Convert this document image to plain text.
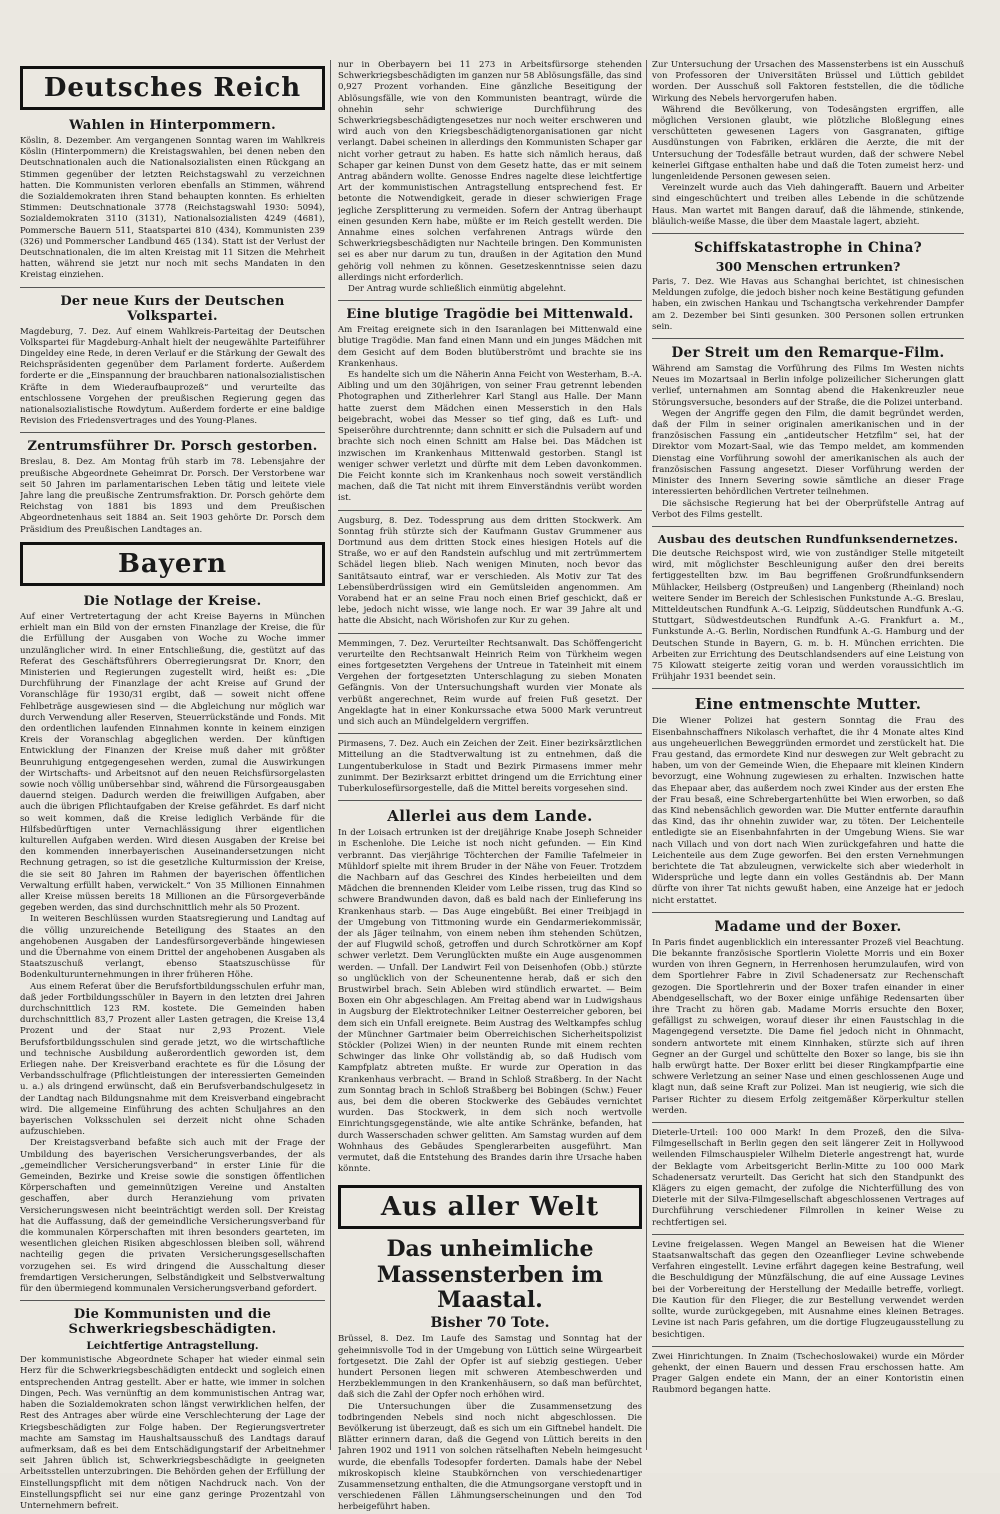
Deutsches Reich
Wahlen in Hinterpommern.

Köslin, 8. Dezember. Am vergangenen Sonntag waren im Wahlkreis Köslin (Hinterpommern) die Kreistagswahlen, bei denen neben den Deutschnationalen auch die Nationalsozialisten einen Rückgang an Stimmen gegenüber der letzten Reichstagswahl zu verzeichnen hatten. Die Kommunisten verloren ebenfalls an Stimmen, während die Sozialdemokraten ihren Stand behaupten konnten. Es erhielten Stimmen: Deutschnationale 3778 (Reichstagswahl 1930: 5094), Sozialdemokraten 3110 (3131), Nationalsozialisten 4249 (4681), Pommersche Bauern 511, Staatspartei 810 (434), Kommunisten 239 (326) und Pommerscher Landbund 465 (134). Statt ist der Verlust der Deutschnationalen, die im alten Kreistag mit 11 Sitzen die Mehrheit hatten, während sie jetzt nur noch mit sechs Mandaten in den Kreistag einziehen.

Der neue Kurs der Deutschen Volkspartei.

Magdeburg, 7. Dez. Auf einem Wahlkreis-Parteitag der Deutschen Volkspartei für Magdeburg-Anhalt hielt der neugewählte Parteiführer Dingeldey eine Rede, in deren Verlauf er die Stärkung der Gewalt des Reichspräsidenten gegenüber dem Parlament forderte. Außerdem forderte er die „Einspannung der brauchbaren nationalsozialistischen Kräfte in dem Wiederaufbauprozeß“ und verurteilte das entschlossene Vorgehen der preußischen Regierung gegen das nationalsozialistische Rowdytum. Außerdem forderte er eine baldige Revision des Friedensvertrages und des Young-Planes.

Zentrumsführer Dr. Porsch gestorben.

Breslau, 8. Dez. Am Montag früh starb im 78. Lebensjahre der preußische Abgeordnete Geheimrat Dr. Porsch. Der Verstorbene war seit 50 Jahren im parlamentarischen Leben tätig und leitete viele Jahre lang die preußische Zentrumsfraktion. Dr. Porsch gehörte dem Reichstag von 1881 bis 1893 und dem Preußischen Abgeordnetenhaus seit 1884 an. Seit 1903 gehörte Dr. Porsch dem Präsidium des Preußischen Landtages an.

Bayern
Die Notlage der Kreise.

Auf einer Vertretertagung der acht Kreise Bayerns in München erhielt man ein Bild von der ernsten Finanzlage der Kreise, die für die Erfüllung der Ausgaben von Woche zu Woche immer unzulänglicher wird. In einer Entschließung, die, gestützt auf das Referat des Geschäftsführers Oberregierungsrat Dr. Knorr, den Ministerien und Regierungen zugestellt wird, heißt es: „Die Durchführung der Finanzlage der acht Kreise auf Grund der Voranschläge für 1930/31 ergibt, daß — soweit nicht offene Fehlbeträge ausgewiesen sind — die Abgleichung nur möglich war durch Verwendung aller Reserven, Steuerrückstände und Fonds. Mit den ordentlichen laufenden Einnahmen konnte in keinem einzigen Kreis der Voranschlag abgeglichen werden. Der künftigen Entwicklung der Finanzen der Kreise muß daher mit größter Beunruhigung entgegengesehen werden, zumal die Auswirkungen der Wirtschafts- und Arbeitsnot auf den neuen Reichsfürsorgelasten sowie noch völlig unübersehbar sind, während die Fürsorgeausgaben dauernd steigen. Dadurch werden die freiwilligen Aufgaben, aber auch die übrigen Pflichtaufgaben der Kreise gefährdet. Es darf nicht so weit kommen, daß die Kreise lediglich Verbände für die Hilfsbedürftigen unter Vernachlässigung ihrer eigentlichen kulturellen Aufgaben werden. Wird diesen Ausgaben der Kreise bei den kommenden innerbayerischen Auseinandersetzungen nicht Rechnung getragen, so ist die gesetzliche Kulturmission der Kreise, die sie seit 80 Jahren im Rahmen der bayerischen öffentlichen Verwaltung erfüllt haben, verwickelt.“ Von 35 Millionen Einnahmen aller Kreise müssen bereits 18 Millionen an die Fürsorgeverbände gegeben werden, das sind durchschnittlich mehr als 50 Prozent.

In weiteren Beschlüssen wurden Staatsregierung und Landtag auf die völlig unzureichende Beteiligung des Staates an den angehobenen Ausgaben der Landesfürsorgeverbände hingewiesen und die Übernahme von einem Drittel der angehobenen Ausgaben als Staatszuschuß verlangt, ebenso Staatszuschüsse für Bodenkulturunternehmungen in ihrer früheren Höhe.

Aus einem Referat über die Berufsfortbildungsschulen erfuhr man, daß jeder Fortbildungsschüler in Bayern in den letzten drei Jahren durchschnittlich 123 RM. kostete. Die Gemeinden haben durchschnittlich 83,7 Prozent aller Lasten getragen, die Kreise 13,4 Prozent und der Staat nur 2,93 Prozent. Viele Berufsfortbildungsschulen sind gerade jetzt, wo die wirtschaftliche und technische Ausbildung außerordentlich geworden ist, dem Erliegen nahe. Der Kreisverband erachtete es für die Lösung der Verbandsschulfrage (Pflichtleistungen der interessierten Gemeinden u. a.) als dringend erwünscht, daß ein Berufsverbandschulgesetz in der Landtag nach Bildungsnahme mit dem Kreisverband eingebracht wird. Die allgemeine Einführung des achten Schuljahres an den bayerischen Volksschulen sei derzeit nicht ohne Schaden aufzuschieben.

Der Kreistagsverband befaßte sich auch mit der Frage der Umbildung des bayerischen Versicherungsverbandes, der als „gemeindlicher Versicherungsverband“ in erster Linie für die Gemeinden, Bezirke und Kreise sowie die sonstigen öffentlichen Körperschaften und gemeinnützigen Vereine und Anstalten geschaffen, aber durch Heranziehung vom privaten Versicherungswesen nicht beeinträchtigt werden soll. Der Kreistag hat die Auffassung, daß der gemeindliche Versicherungsverband für die kommunalen Körperschaften mit ihren besonders gearteten, im wesentlichen gleichen Risiken abgeschlossen bleiben soll, während nachteilig gegen die privaten Versicherungsgesellschaften vorzugehen sei. Es wird dringend die Ausschaltung dieser fremdartigen Versicherungen, Selbständigkeit und Selbstverwaltung für den übermiegend kommunalen Versicherungsverband gefordert.

Die Kommunisten und die Schwerkriegsbeschädigten.
Leichtfertige Antragstellung.

Der kommunistische Abgeordnete Schaper hat wieder einmal sein Herz für die Schwerkriegsbeschädigten entdeckt und sogleich einen entsprechenden Antrag gestellt. Aber er hatte, wie immer in solchen Dingen, Pech. Was vernünftig an dem kommunistischen Antrag war, haben die Sozialdemokraten schon längst verwirklichen helfen, der Rest des Antrages aber würde eine Verschlechterung der Lage der Kriegsbeschädigten zur Folge haben. Der Regierungsvertreter machte am Samstag im Haushaltsausschuß des Landtags darauf aufmerksam, daß es bei dem Entschädigungstarif der Arbeitnehmer seit Jahren üblich ist, Schwerkriegsbeschädigte in geeigneten Arbeitsstellen unterzubringen. Die Behörden gehen der Erfüllung der Einstellungspflicht mit dem nötigen Nachdruck nach. Von der Einstellungspflicht sei nur eine ganz geringe Prozentzahl von Unternehmern befreit.

nur in Oberbayern bei 11 273 in Arbeitsfürsorge stehenden Schwerkriegsbeschädigten im ganzen nur 58 Ablösungsfälle, das sind 0,927 Prozent vorhanden. Eine gänzliche Beseitigung der Ablösungsfälle, wie von den Kommunisten beantragt, würde die ohnehin sehr schwierige Durchführung des Schwerkriegsbeschädigtengesetzes nur noch weiter erschweren und wird auch von den Kriegsbeschädigtenorganisationen gar nicht verlangt. Dabei scheinen in allerdings den Kommunisten Schaper gar nicht vorher getraut zu haben. Es hatte sich nämlich heraus, daß Schaper gar keinen Dunst von dem Gesetz hatte, das er mit seinem Antrag abändern wollte. Genosse Endres nagelte diese leichtfertige Art der kommunistischen Antragstellung entsprechend fest. Er betonte die Notwendigkeit, gerade in dieser schwierigen Frage jegliche Zersplitterung zu vermeiden. Sofern der Antrag überhaupt einen gesunden Kern habe, müßte er im Reich gestellt werden. Die Annahme eines solchen verfahrenen Antrags würde den Schwerkriegsbeschädigten nur Nachteile bringen. Den Kommunisten sei es aber nur darum zu tun, draußen in der Agitation den Mund gehörig voll nehmen zu können. Gesetzeskenntnisse seien dazu allerdings nicht erforderlich.

Der Antrag wurde schließlich einmütig abgelehnt.

Eine blutige Tragödie bei Mittenwald.

Am Freitag ereignete sich in den Isaranlagen bei Mittenwald eine blutige Tragödie. Man fand einen Mann und ein junges Mädchen mit dem Gesicht auf dem Boden blutüberströmt und brachte sie ins Krankenhaus.

Es handelte sich um die Näherin Anna Feicht von Westerham, B.-A. Aibling und um den 30jährigen, von seiner Frau getrennt lebenden Photographen und Zitherlehrer Karl Stangl aus Halle. Der Mann hatte zuerst dem Mädchen einen Messerstich in den Hals beigebracht, wobei das Messer so tief ging, daß es Luft- und Speiseröhre durchtrennte; dann schnitt er sich die Pulsadern auf und brachte sich noch einen Schnitt am Halse bei. Das Mädchen ist inzwischen im Krankenhaus Mittenwald gestorben. Stangl ist weniger schwer verletzt und dürfte mit dem Leben davonkommen. Die Feicht konnte sich im Krankenhaus noch soweit verständlich machen, daß die Tat nicht mit ihrem Einverständnis verübt worden ist.

Augsburg, 8. Dez. Todessprung aus dem dritten Stockwerk. Am Sonntag früh stürzte sich der Kaufmann Gustav Grummener aus Dortmund aus dem dritten Stock eines hiesigen Hotels auf die Straße, wo er auf den Randstein aufschlug und mit zertrümmertem Schädel liegen blieb. Nach wenigen Minuten, noch bevor das Sanitätsauto eintraf, war er verschieden. Als Motiv zur Tat des Lebensüberdrüssigen wird ein Gemütsleiden angenommen. Am Vorabend hat er an seine Frau noch einen Brief geschickt, daß er lebe, jedoch nicht wisse, wie lange noch. Er war 39 Jahre alt und hatte die Absicht, nach Wörishofen zur Kur zu gehen.

Memmingen, 7. Dez. Verurteilter Rechtsanwalt. Das Schöffengericht verurteilte den Rechtsanwalt Heinrich Reim von Türkheim wegen eines fortgesetzten Vergehens der Untreue in Tateinheit mit einem Vergehen der fortgesetzten Unterschlagung zu sieben Monaten Gefängnis. Von der Untersuchungshaft wurden vier Monate als verbüßt angerechnet, Reim wurde auf freien Fuß gesetzt. Der Angeklagte hat in einer Konkurssache etwa 5000 Mark veruntreut und sich auch an Mündelgeldern vergriffen.

Pirmasens, 7. Dez. Auch ein Zeichen der Zeit. Einer bezirksärztlichen Mitteilung an die Stadtverwaltung ist zu entnehmen, daß die Lungentuberkulose in Stadt und Bezirk Pirmasens immer mehr zunimmt. Der Bezirksarzt erbittet dringend um die Errichtung einer Tuberkulosefürsorgestelle, daß die Mittel bereits vorgesehen sind.

Allerlei aus dem Lande.

In der Loisach ertrunken ist der dreijährige Knabe Joseph Schneider in Eschenlohe. Die Leiche ist noch nicht gefunden. — Ein Kind verbrannt. Das vierjährige Töchterchen der Familie Tafelmeier in Mühldorf spielte mit ihrem Bruder in der Nähe von Feuer. Trotzdem die Nachbarn auf das Geschrei des Kindes herbeieilten und dem Mädchen die brennenden Kleider vom Leibe rissen, trug das Kind so schwere Brandwunden davon, daß es bald nach der Einlieferung ins Krankenhaus starb. — Das Auge eingebüßt. Bei einer Treibjagd in der Umgebung von Tittmoning wurde ein Gendarmeriekommissär, der als Jäger teilnahm, von einem neben ihm stehenden Schützen, der auf Flugwild schoß, getroffen und durch Schrotkörner am Kopf schwer verletzt. Dem Verunglückten mußte ein Auge ausgenommen werden. — Unfall. Der Landwirt Feil von Deisenhofen (Obb.) stürzte so unglücklich von der Scheunentenne herab, daß er sich den Brustwirbel brach. Sein Ableben wird stündlich erwartet. — Beim Boxen ein Ohr abgeschlagen. Am Freitag abend war in Ludwigshaus in Augsburg der Elektrotechniker Leitner Oesterreicher geboren, bei dem sich ein Unfall ereignete. Beim Austrag des Weltkampfes schlug der Münchner Gartmaier beim Oberreichischen Sicherheitspolizist Stöckler (Polizei Wien) in der neunten Runde mit einem rechten Schwinger das linke Ohr vollständig ab, so daß Hudisch vom Kampfplatz abtreten mußte. Er wurde zur Operation in das Krankenhaus verbracht. — Brand in Schloß Straßberg. In der Nacht zum Sonntag brach in Schloß Straßberg bei Bobingen (Schw.) Feuer aus, bei dem die oberen Stockwerke des Gebäudes vernichtet wurden. Das Stockwerk, in dem sich noch wertvolle Einrichtungsgegenstände, wie alte antike Schränke, befanden, hat durch Wasserschaden schwer gelitten. Am Samstag wurden auf dem Wohnhaus des Gebäudes Spenglerarbeiten ausgeführt. Man vermutet, daß die Entstehung des Brandes darin ihre Ursache haben könnte.

Aus aller Welt
Das unheimliche Massensterben im Maastal.
Bisher 70 Tote.

Brüssel, 8. Dez. Im Laufe des Samstag und Sonntag hat der geheimnisvolle Tod in der Umgebung von Lüttich seine Würgearbeit fortgesetzt. Die Zahl der Opfer ist auf siebzig gestiegen. Ueber hundert Personen liegen mit schweren Atembeschwerden und Herzbeklemmungen in den Krankenhäusern, so daß man befürchtet, daß sich die Zahl der Opfer noch erhöhen wird.

Die Untersuchungen über die Zusammensetzung des todbringenden Nebels sind noch nicht abgeschlossen. Die Bevölkerung ist überzeugt, daß es sich um ein Giftnebel handelt. Die Blätter erinnern daran, daß die Gegend von Lüttich bereits in den Jahren 1902 und 1911 von solchen rätselhaften Nebeln heimgesucht wurde, die ebenfalls Todesopfer forderten. Damals habe der Nebel mikroskopisch kleine Staubkörnchen von verschiedenartiger Zusammensetzung enthalten, die die Atmungsorgane verstopft und in verschiedenen Fällen Lähmungserscheinungen und den Tod herbeigeführt haben.

Zur Untersuchung der Ursachen des Massensterbens ist ein Ausschuß von Professoren der Universitäten Brüssel und Lüttich gebildet worden. Der Ausschuß soll Faktoren feststellen, die die tödliche Wirkung des Nebels hervorgerufen haben.

Während die Bevölkerung, von Todesängsten ergriffen, alle möglichen Versionen glaubt, wie plötzliche Bloßlegung eines verschütteten gewesenen Lagers von Gasgranaten, giftige Ausdünstungen von Fabriken, erklären die Aerzte, die mit der Untersuchung der Todesfälle betraut wurden, daß der schwere Nebel keinerlei Giftgase enthalten habe und daß die Toten zumeist herz- und lungenleidende Personen gewesen seien.

Vereinzelt wurde auch das Vieh dahingerafft. Bauern und Arbeiter sind eingeschüchtert und treiben alles Lebende in die schützende Haus. Man wartet mit Bangen darauf, daß die lähmende, stinkende, bläulich-weiße Masse, die über dem Maastale lagert, abzieht.

Schiffskatastrophe in China?
300 Menschen ertrunken?

Paris, 7. Dez. Wie Havas aus Schanghai berichtet, ist chinesischen Meldungen zufolge, die jedoch bisher noch keine Bestätigung gefunden haben, ein zwischen Hankau und Tschangtscha verkehrender Dampfer am 2. Dezember bei Sinti gesunken. 300 Personen sollen ertrunken sein.

Der Streit um den Remarque-Film.

Während am Samstag die Vorführung des Films Im Westen nichts Neues im Mozartsaal in Berlin infolge polizeilicher Sicherungen glatt verlief, unternahmen am Sonntag abend die Hakenkreuzler neue Störungsversuche, besonders auf der Straße, die die Polizei unterband.

Wegen der Angriffe gegen den Film, die damit begründet werden, daß der Film in seiner originalen amerikanischen und in der französischen Fassung ein „antideutscher Hetzfilm“ sei, hat der Direktor vom Mozart-Saal, wie das Tempo meldet, am kommenden Dienstag eine Vorführung sowohl der amerikanischen als auch der französischen Fassung angesetzt. Dieser Vorführung werden der Minister des Innern Severing sowie sämtliche an dieser Frage interessierten behördlichen Vertreter teilnehmen.

Die sächsische Regierung hat bei der Oberprüfstelle Antrag auf Verbot des Films gestellt.

Ausbau des deutschen Rundfunksendernetzes.

Die deutsche Reichspost wird, wie von zuständiger Stelle mitgeteilt wird, mit möglichster Beschleunigung außer den drei bereits fertiggestellten bzw. im Bau begriffenen Großrundfunksendern Mühlacker, Heilsberg (Ostpreußen) und Langenberg (Rheinland) noch weitere Sender im Bereich der Schlesischen Funkstunde A.-G. Breslau, Mitteldeutschen Rundfunk A.-G. Leipzig, Süddeutschen Rundfunk A.-G. Stuttgart, Südwestdeutschen Rundfunk A.-G. Frankfurt a. M., Funkstunde A.-G. Berlin, Nordischen Rundfunk A.-G. Hamburg und der Deutschen Stunde in Bayern, G. m. b. H. München errichten. Die Arbeiten zur Errichtung des Deutschlandsenders auf eine Leistung von 75 Kilowatt steigerte zeitig voran und werden voraussichtlich im Frühjahr 1931 beendet sein.

Eine entmenschte Mutter.

Die Wiener Polizei hat gestern Sonntag die Frau des Eisenbahnschaffners Nikolasch verhaftet, die ihr 4 Monate altes Kind aus ungeheuerlichen Beweggründen ermordet und zerstückelt hat. Die Frau gestand, das ermordete Kind nur deswegen zur Welt gebracht zu haben, um von der Gemeinde Wien, die Ehepaare mit kleinen Kindern bevorzugt, eine Wohnung zugewiesen zu erhalten. Inzwischen hatte das Ehepaar aber, das außerdem noch zwei Kinder aus der ersten Ehe der Frau besaß, eine Schrebergartenhütte bei Wien erworben, so daß das Kind nebensächlich geworden war. Die Mutter entfernte daraufhin das Kind, das ihr ohnehin zuwider war, zu töten. Der Leichenteile entledigte sie an Eisenbahnfahrten in der Umgebung Wiens. Sie war nach Villach und von dort nach Wien zurückgefahren und hatte die Leichenteile aus dem Zuge geworfen. Bei den ersten Vernehmungen berichtete die Tat abzuleugnen, verwickelte sich aber wiederholt in Widersprüche und legte dann ein volles Geständnis ab. Der Mann dürfte von ihrer Tat nichts gewußt haben, eine Anzeige hat er jedoch nicht erstattet.

Madame und der Boxer.

In Paris findet augenblicklich ein interessanter Prozeß viel Beachtung. Die bekannte französische Sportlerin Violette Morris und ein Boxer wurden von ihren Gegnern, in Herrenhosen herumzulaufen, wird von dem Sportlehrer Fabre in Zivil Schadenersatz zur Rechenschaft gezogen. Die Sportlehrerin und der Boxer trafen einander in einer Abendgesellschaft, wo der Boxer einige unfähige Redensarten über ihre Tracht zu hören gab. Madame Morris ersuchte den Boxer, gefälligst zu schweigen, worauf dieser ihr einen Faustschlag in die Magengegend versetzte. Die Dame fiel jedoch nicht in Ohnmacht, sondern antwortete mit einem Kinnhaken, stürzte sich auf ihren Gegner an der Gurgel und schüttelte den Boxer so lange, bis sie ihn halb erwürgt hatte. Der Boxer erlitt bei dieser Ringkampfpartie eine schwere Verletzung an seiner Nase und einen geschlossenen Auge und klagt nun, daß seine Kraft zur Polizei. Man ist neugierig, wie sich die Pariser Richter zu diesem Erfolg zeitgemäßer Körperkultur stellen werden.

Dieterle-Urteil: 100 000 Mark! In dem Prozeß, den die Silva-Filmgesellschaft in Berlin gegen den seit längerer Zeit in Hollywood weilenden Filmschauspieler Wilhelm Dieterle angestrengt hat, wurde der Beklagte vom Arbeitsgericht Berlin-Mitte zu 100 000 Mark Schadenersatz verurteilt. Das Gericht hat sich den Standpunkt des Klägers zu eigen gemacht, der zufolge die Nichterfüllung des von Dieterle mit der Silva-Filmgesellschaft abgeschlossenen Vertrages auf Durchführung verschiedener Filmrollen in keiner Weise zu rechtfertigen sei.

Levine freigelassen. Wegen Mangel an Beweisen hat die Wiener Staatsanwaltschaft das gegen den Ozeanflieger Levine schwebende Verfahren eingestellt. Levine erfährt dagegen keine Bestrafung, weil die Beschuldigung der Münzfälschung, die auf eine Aussage Levines bei der Vorbereitung der Herstellung der Medaille betreffe, vorliegt. Die Kaution für den Flieger, die zur Bestellung verwendet werden sollte, wurde zurückgegeben, mit Ausnahme eines kleinen Betrages. Levine ist nach Paris gefahren, um die dortige Flugzeugausstellung zu besichtigen.

Zwei Hinrichtungen. In Znaim (Tschechoslowakei) wurde ein Mörder gehenkt, der einen Bauern und dessen Frau erschossen hatte. Am Prager Galgen endete ein Mann, der an einer Kontoristin einen Raubmord begangen hatte.
